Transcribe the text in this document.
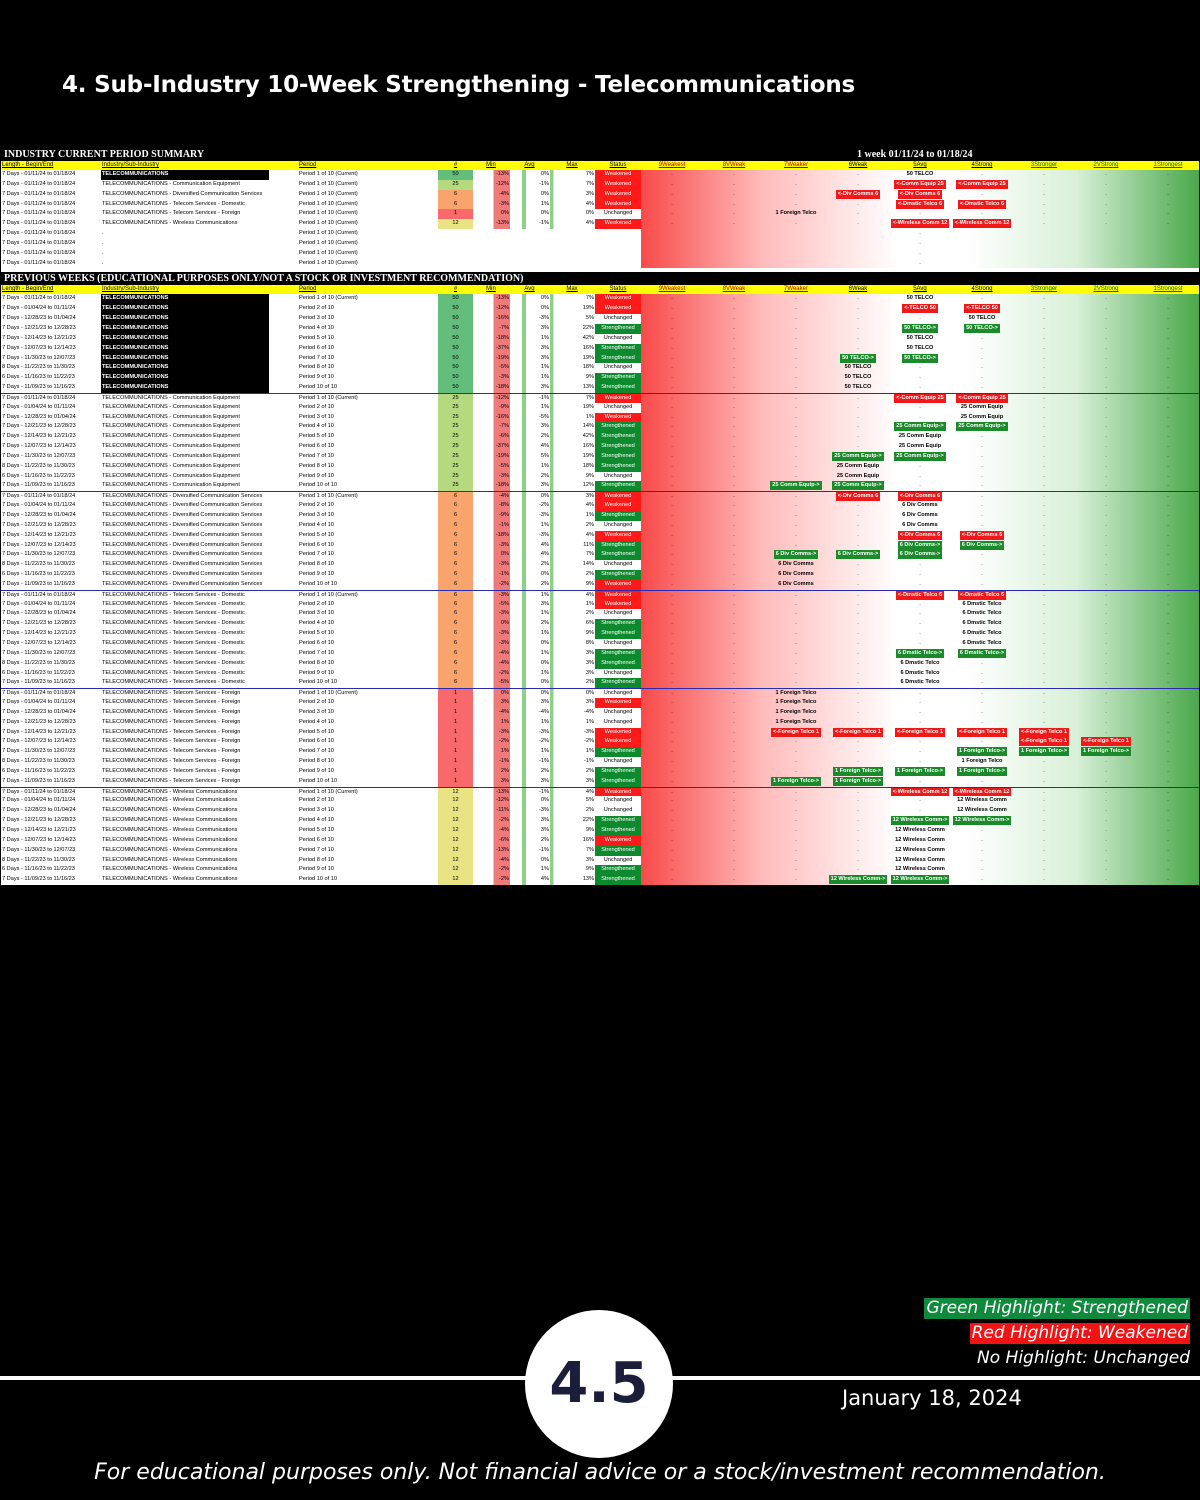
4. Sub-Industry 10-Week Strengthening - Telecommunications
INDUSTRY CURRENT PERIOD SUMMARY	1 week 01/11/24 to 01/18/24
Length - Begin/End	Industry/Sub-Industry	Period	#	Min	Avg	Max	Status	9Weakest	8VWeak	7Weaker	6Weak	5Avg	4Strong	3Stronger	2VStrong	1Strongest
7 Days - 01/11/24 to 01/18/24	TELECOMMUNICATIONS	Period 1 of 10 (Current)	50	-13%	0%	7%	Weakened	.	.	.	.	50 TELCO	.	.	.	.
7 Days - 01/11/24 to 01/18/24	TELECOMMUNICATIONS - Communication Equipment	Period 1 of 10 (Current)	25	-12%	-1%	7%	Weakened	.	.	.	.	<-Comm Equip 25	<-Comm Equip 25	.	.	.
7 Days - 01/11/24 to 01/18/24	TELECOMMUNICATIONS - Diversified Communication Services	Period 1 of 10 (Current)	6	-4%	0%	3%	Weakened	.	.	.	<-Div Comms 6	<-Div Comms 6	.	.	.	.
7 Days - 01/11/24 to 01/18/24	TELECOMMUNICATIONS - Telecom Services - Domestic	Period 1 of 10 (Current)	6	-3%	1%	4%	Weakened	.	.	.	.	<-Dmstic Telco 6	<-Dmstic Telco 6	.	.	.
7 Days - 01/11/24 to 01/18/24	TELECOMMUNICATIONS - Telecom Services - Foreign	Period 1 of 10 (Current)	1	0%	0%	0%	Unchanged	.	.	1 Foreign Telco	.	.	.	.	.	.
7 Days - 01/11/24 to 01/18/24	TELECOMMUNICATIONS - Wireless Communications	Period 1 of 10 (Current)	12	-13%	-1%	4%	Weakened	.	.	.	.	<-Wireless Comm 12	<-Wireless Comm 12	.	.	.
7 Days - 01/11/24 to 01/18/24	.	Period 1 of 10 (Current)	.
7 Days - 01/11/24 to 01/18/24	.	Period 1 of 10 (Current)	.
7 Days - 01/11/24 to 01/18/24	.	Period 1 of 10 (Current)	.
7 Days - 01/11/24 to 01/18/24	.	Period 1 of 10 (Current)	.
PREVIOUS WEEKS (EDUCATIONAL PURPOSES ONLY/NOT A STOCK OR INVESTMENT RECOMMENDATION)
Length - Begin/End	Industry/Sub-Industry	Period	#	Min	Avg	Max	Status	9Weakest	8VWeak	7Weaker	6Weak	5Avg	4Strong	3Stronger	2VStrong	1Strongest
7 Days - 01/11/24 to 01/18/24	TELECOMMUNICATIONS	Period 1 of 10 (Current)	50	-13%	0%	7%	Weakened	.	.	.	.	50 TELCO	.	.	.	.
7 Days - 01/04/24 to 01/11/24	TELECOMMUNICATIONS	Period 2 of 10	50	-12%	0%	19%	Weakened	.	.	.	.	<-TELCO 50	<-TELCO 50	.	.	.
7 Days - 12/28/23 to 01/04/24	TELECOMMUNICATIONS	Period 3 of 10	50	-16%	-3%	5%	Unchanged	.	.	.	.	.	50 TELCO	.	.	.
7 Days - 12/21/23 to 12/28/23	TELECOMMUNICATIONS	Period 4 of 10	50	-7%	3%	22%	Strengthened	.	.	.	.	50 TELCO->	50 TELCO->	.	.	.
7 Days - 12/14/23 to 12/21/23	TELECOMMUNICATIONS	Period 5 of 10	50	-18%	1%	42%	Unchanged	.	.	.	.	50 TELCO	.	.	.	.
7 Days - 12/07/23 to 12/14/23	TELECOMMUNICATIONS	Period 6 of 10	50	-37%	3%	16%	Strengthened	.	.	.	.	50 TELCO	.	.	.	.
7 Days - 11/30/23 to 12/07/23	TELECOMMUNICATIONS	Period 7 of 10	50	-19%	3%	19%	Strengthened	.	.	.	50 TELCO->	50 TELCO->	.	.	.	.
8 Days - 11/22/23 to 11/30/23	TELECOMMUNICATIONS	Period 8 of 10	50	-5%	1%	18%	Unchanged	.	.	.	50 TELCO	.	.	.	.	.
6 Days - 11/16/23 to 11/22/23	TELECOMMUNICATIONS	Period 9 of 10	50	-3%	1%	9%	Strengthened	.	.	.	50 TELCO	.	.	.	.	.
7 Days - 11/09/23 to 11/16/23	TELECOMMUNICATIONS	Period 10 of 10	50	-18%	3%	13%	Strengthened	.	.	.	50 TELCO	.	.	.	.	.
7 Days - 01/11/24 to 01/18/24	TELECOMMUNICATIONS - Communication Equipment	Period 1 of 10 (Current)	25	-12%	-1%	7%	Weakened	.	.	.	.	<-Comm Equip 25	<-Comm Equip 25	.	.	.
7 Days - 01/04/24 to 01/11/24	TELECOMMUNICATIONS - Communication Equipment	Period 2 of 10	25	-9%	1%	19%	Unchanged	.	.	.	.	.	25 Comm Equip	.	.	.
7 Days - 12/28/23 to 01/04/24	TELECOMMUNICATIONS - Communication Equipment	Period 3 of 10	25	-16%	-5%	1%	Weakened	.	.	.	.	.	25 Comm Equip	.	.	.
7 Days - 12/21/23 to 12/28/23	TELECOMMUNICATIONS - Communication Equipment	Period 4 of 10	25	-7%	3%	14%	Strengthened	.	.	.	.	25 Comm Equip->	25 Comm Equip->	.	.	.
7 Days - 12/14/23 to 12/21/23	TELECOMMUNICATIONS - Communication Equipment	Period 5 of 10	25	-6%	2%	42%	Strengthened	.	.	.	.	25 Comm Equip	.	.	.	.
7 Days - 12/07/23 to 12/14/23	TELECOMMUNICATIONS - Communication Equipment	Period 6 of 10	25	-37%	4%	16%	Strengthened	.	.	.	.	25 Comm Equip	.	.	.	.
7 Days - 11/30/23 to 12/07/23	TELECOMMUNICATIONS - Communication Equipment	Period 7 of 10	25	-19%	5%	19%	Strengthened	.	.	.	25 Comm Equip->	25 Comm Equip->	.	.	.	.
8 Days - 11/22/23 to 11/30/23	TELECOMMUNICATIONS - Communication Equipment	Period 8 of 10	25	-5%	1%	18%	Strengthened	.	.	.	25 Comm Equip	.	.	.	.	.
6 Days - 11/16/23 to 11/22/23	TELECOMMUNICATIONS - Communication Equipment	Period 9 of 10	25	-3%	2%	9%	Unchanged	.	.	.	25 Comm Equip	.	.	.	.	.
7 Days - 11/09/23 to 11/16/23	TELECOMMUNICATIONS - Communication Equipment	Period 10 of 10	25	-18%	3%	12%	Strengthened	.	.	25 Comm Equip->	25 Comm Equip->	.	.	.	.	.
7 Days - 01/11/24 to 01/18/24	TELECOMMUNICATIONS - Diversified Communication Services	Period 1 of 10 (Current)	6	-4%	0%	3%	Weakened	.	.	.	<-Div Comms 6	<-Div Comms 6	.	.	.	.
7 Days - 01/04/24 to 01/11/24	TELECOMMUNICATIONS - Diversified Communication Services	Period 2 of 10	6	-8%	-2%	4%	Weakened	.	.	.	.	6 Div Comms	.	.	.	.
7 Days - 12/28/23 to 01/04/24	TELECOMMUNICATIONS - Diversified Communication Services	Period 3 of 10	6	-9%	-3%	1%	Strengthened	.	.	.	.	6 Div Comms	.	.	.	.
7 Days - 12/21/23 to 12/28/23	TELECOMMUNICATIONS - Diversified Communication Services	Period 4 of 10	6	-1%	1%	2%	Unchanged	.	.	.	.	6 Div Comms	.	.	.	.
7 Days - 12/14/23 to 12/21/23	TELECOMMUNICATIONS - Diversified Communication Services	Period 5 of 10	6	-18%	-3%	4%	Weakened	.	.	.	.	<-Div Comms 6	<-Div Comms 6	.	.	.
7 Days - 12/07/23 to 12/14/23	TELECOMMUNICATIONS - Diversified Communication Services	Period 6 of 10	6	-3%	4%	11%	Strengthened	.	.	.	.	6 Div Comms->	6 Div Comms->	.	.	.
7 Days - 11/30/23 to 12/07/23	TELECOMMUNICATIONS - Diversified Communication Services	Period 7 of 10	6	0%	4%	7%	Strengthened	.	.	6 Div Comms->	6 Div Comms->	6 Div Comms->	.	.	.	.
8 Days - 11/22/23 to 11/30/23	TELECOMMUNICATIONS - Diversified Communication Services	Period 8 of 10	6	-3%	2%	14%	Unchanged	.	.	6 Div Comms	.	.	.	.	.	.
6 Days - 11/16/23 to 11/22/23	TELECOMMUNICATIONS - Diversified Communication Services	Period 9 of 10	6	-1%	0%	2%	Strengthened	.	.	6 Div Comms	.	.	.	.	.	.
7 Days - 11/09/23 to 11/16/23	TELECOMMUNICATIONS - Diversified Communication Services	Period 10 of 10	6	-2%	2%	9%	Weakened	.	.	6 Div Comms	.	.	.	.	.	.
7 Days - 01/11/24 to 01/18/24	TELECOMMUNICATIONS - Telecom Services - Domestic	Period 1 of 10 (Current)	6	-3%	1%	4%	Weakened	.	.	.	.	<-Dmstic Telco 6	<-Dmstic Telco 6	.	.	.
7 Days - 01/04/24 to 01/11/24	TELECOMMUNICATIONS - Telecom Services - Domestic	Period 2 of 10	6	-5%	3%	1%	Weakened	.	.	.	.	.	6 Dmstic Telco	.	.	.
7 Days - 12/28/23 to 01/04/24	TELECOMMUNICATIONS - Telecom Services - Domestic	Period 3 of 10	6	-3%	1%	2%	Unchanged	.	.	.	.	.	6 Dmstic Telco	.	.	.
7 Days - 12/21/23 to 12/28/23	TELECOMMUNICATIONS - Telecom Services - Domestic	Period 4 of 10	6	0%	2%	6%	Strengthened	.	.	.	.	.	6 Dmstic Telco	.	.	.
7 Days - 12/14/23 to 12/21/23	TELECOMMUNICATIONS - Telecom Services - Domestic	Period 5 of 10	6	-3%	1%	9%	Strengthened	.	.	.	.	.	6 Dmstic Telco	.	.	.
7 Days - 12/07/23 to 12/14/23	TELECOMMUNICATIONS - Telecom Services - Domestic	Period 6 of 10	6	-3%	0%	8%	Unchanged	.	.	.	.	.	6 Dmstic Telco	.	.	.
7 Days - 11/30/23 to 12/07/23	TELECOMMUNICATIONS - Telecom Services - Domestic	Period 7 of 10	6	-4%	1%	3%	Strengthened	.	.	.	.	6 Dmstic Telco->	6 Dmstic Telco->	.	.	.
8 Days - 11/22/23 to 11/30/23	TELECOMMUNICATIONS - Telecom Services - Domestic	Period 8 of 10	6	-4%	0%	3%	Strengthened	.	.	.	.	6 Dmstic Telco	.	.	.	.
6 Days - 11/16/23 to 11/22/23	TELECOMMUNICATIONS - Telecom Services - Domestic	Period 9 of 10	6	-2%	1%	3%	Unchanged	.	.	.	.	6 Dmstic Telco	.	.	.	.
7 Days - 11/09/23 to 11/16/23	TELECOMMUNICATIONS - Telecom Services - Domestic	Period 10 of 10	6	-5%	0%	2%	Strengthened	.	.	.	.	6 Dmstic Telco	.	.	.	.
7 Days - 01/11/24 to 01/18/24	TELECOMMUNICATIONS - Telecom Services - Foreign	Period 1 of 10 (Current)	1	0%	0%	0%	Unchanged	.	.	1 Foreign Telco	.	.	.	.	.	.
7 Days - 01/04/24 to 01/11/24	TELECOMMUNICATIONS - Telecom Services - Foreign	Period 2 of 10	1	3%	3%	3%	Weakened	.	.	1 Foreign Telco	.	.	.	.	.	.
7 Days - 12/28/23 to 01/04/24	TELECOMMUNICATIONS - Telecom Services - Foreign	Period 3 of 10	1	-4%	-4%	-4%	Unchanged	.	.	1 Foreign Telco	.	.	.	.	.	.
7 Days - 12/21/23 to 12/28/23	TELECOMMUNICATIONS - Telecom Services - Foreign	Period 4 of 10	1	1%	1%	1%	Unchanged	.	.	1 Foreign Telco	.	.	.	.	.	.
7 Days - 12/14/23 to 12/21/23	TELECOMMUNICATIONS - Telecom Services - Foreign	Period 5 of 10	1	-3%	-3%	-3%	Weakened	.	.	<-Foreign Telco 1	<-Foreign Telco 1	<-Foreign Telco 1	<-Foreign Telco 1	<-Foreign Telco 1	.	.
7 Days - 12/07/23 to 12/14/23	TELECOMMUNICATIONS - Telecom Services - Foreign	Period 6 of 10	1	-2%	-2%	-2%	Weakened	.	.	.	.	.	.	<-Foreign Telco 1	<-Foreign Telco 1	.
7 Days - 11/30/23 to 12/07/23	TELECOMMUNICATIONS - Telecom Services - Foreign	Period 7 of 10	1	1%	1%	1%	Strengthened	.	.	.	.	.	1 Foreign Telco->	1 Foreign Telco->	1 Foreign Telco->	.
8 Days - 11/22/23 to 11/30/23	TELECOMMUNICATIONS - Telecom Services - Foreign	Period 8 of 10	1	-1%	-1%	-1%	Unchanged	.	.	.	.	.	1 Foreign Telco	.	.	.
6 Days - 11/16/23 to 11/22/23	TELECOMMUNICATIONS - Telecom Services - Foreign	Period 9 of 10	1	2%	2%	2%	Strengthened	.	.	.	1 Foreign Telco->	1 Foreign Telco->	1 Foreign Telco->	.	.	.
7 Days - 11/09/23 to 11/16/23	TELECOMMUNICATIONS - Telecom Services - Foreign	Period 10 of 10	1	3%	3%	3%	Strengthened	.	.	1 Foreign Telco->	1 Foreign Telco->	.	.	.	.	.
7 Days - 01/11/24 to 01/18/24	TELECOMMUNICATIONS - Wireless Communications	Period 1 of 10 (Current)	12	-13%	-1%	4%	Weakened	.	.	.	.	<-Wireless Comm 12	<-Wireless Comm 12	.	.	.
7 Days - 01/04/24 to 01/11/24	TELECOMMUNICATIONS - Wireless Communications	Period 2 of 10	12	-12%	0%	5%	Unchanged	.	.	.	.	.	12 Wireless Comm	.	.	.
7 Days - 12/28/23 to 01/04/24	TELECOMMUNICATIONS - Wireless Communications	Period 3 of 10	12	-11%	-3%	2%	Unchanged	.	.	.	.	.	12 Wireless Comm	.	.	.
7 Days - 12/21/23 to 12/28/23	TELECOMMUNICATIONS - Wireless Communications	Period 4 of 10	12	-2%	3%	22%	Strengthened	.	.	.	.	12 Wireless Comm->	12 Wireless Comm->	.	.	.
7 Days - 12/14/23 to 12/21/23	TELECOMMUNICATIONS - Wireless Communications	Period 5 of 10	12	-4%	3%	9%	Strengthened	.	.	.	.	12 Wireless Comm	.	.	.	.
7 Days - 12/07/23 to 12/14/23	TELECOMMUNICATIONS - Wireless Communications	Period 6 of 10	12	-6%	2%	16%	Weakened	.	.	.	.	12 Wireless Comm	.	.	.	.
7 Days - 11/30/23 to 12/07/23	TELECOMMUNICATIONS - Wireless Communications	Period 7 of 10	12	-13%	-1%	7%	Strengthened	.	.	.	.	12 Wireless Comm	.	.	.	.
8 Days - 11/22/23 to 11/30/23	TELECOMMUNICATIONS - Wireless Communications	Period 8 of 10	12	-4%	0%	3%	Unchanged	.	.	.	.	12 Wireless Comm	.	.	.	.
6 Days - 11/16/23 to 11/22/23	TELECOMMUNICATIONS - Wireless Communications	Period 9 of 10	12	-2%	1%	9%	Strengthened	.	.	.	.	12 Wireless Comm	.	.	.	.
7 Days - 11/09/23 to 11/16/23	TELECOMMUNICATIONS - Wireless Communications	Period 10 of 10	12	-2%	4%	13%	Strengthened	.	.	.	12 Wireless Comm->	12 Wireless Comm->	.	.	.	.
Green Highlight: Strengthened
Red Highlight: Weakened
No Highlight: Unchanged
4.5	January 18, 2024
For educational purposes only. Not financial advice or a stock/investment recommendation.
